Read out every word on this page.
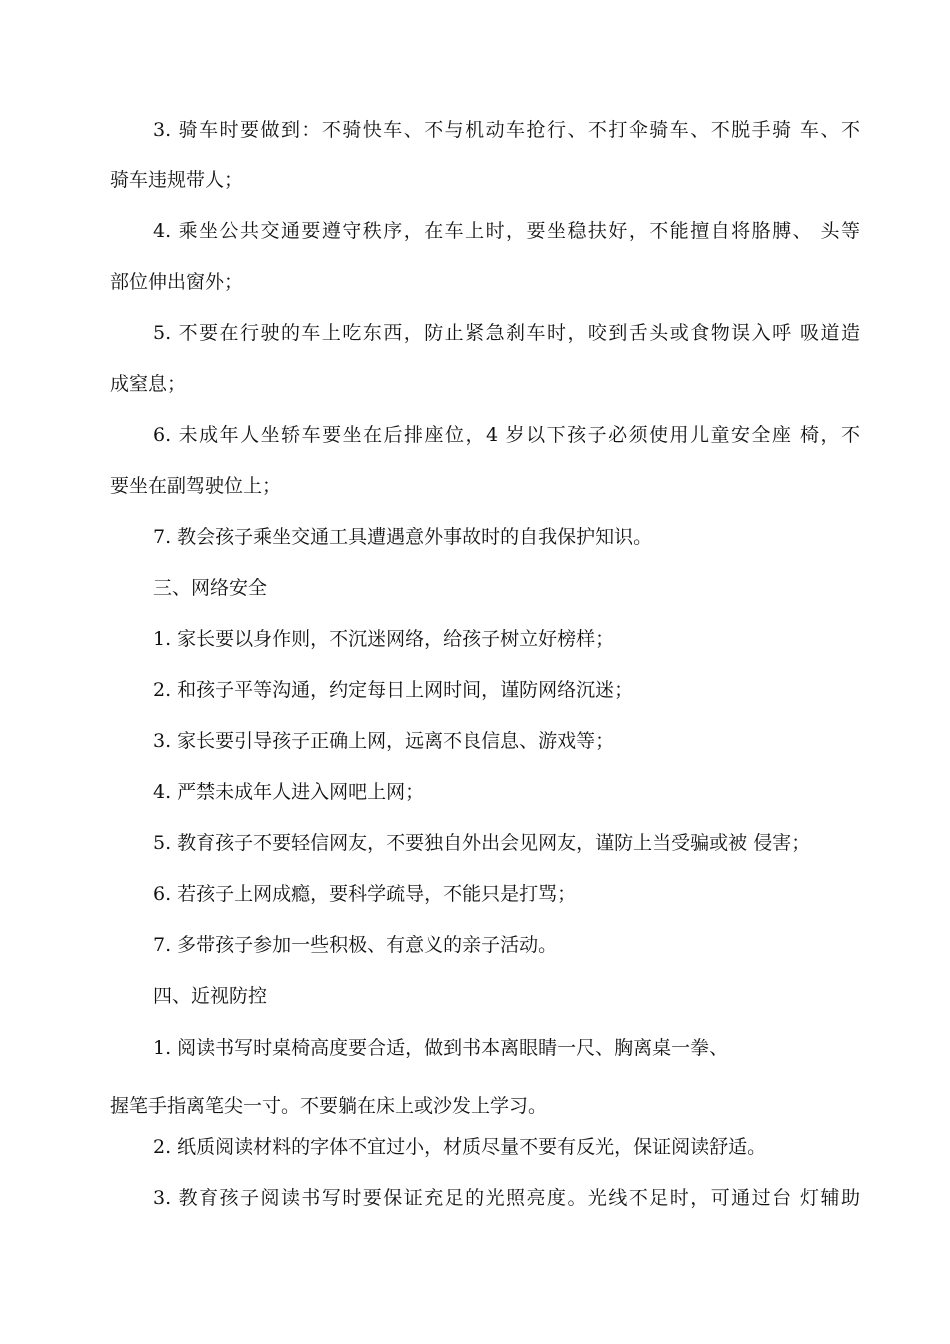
3. 骑车时要做到：不骑快车、不与机动车抢行、不打伞骑车、不脱手骑 车、不
骑车违规带人；
4. 乘坐公共交通要遵守秩序，在车上时，要坐稳扶好，不能擅自将胳膊、 头等
部位伸出窗外；
5. 不要在行驶的车上吃东西，防止紧急刹车时，咬到舌头或食物误入呼 吸道造
成窒息；
6. 未成年人坐轿车要坐在后排座位，4 岁以下孩子必须使用儿童安全座 椅，不
要坐在副驾驶位上；
7. 教会孩子乘坐交通工具遭遇意外事故时的自我保护知识。
三、网络安全
1. 家长要以身作则，不沉迷网络，给孩子树立好榜样；
2. 和孩子平等沟通，约定每日上网时间，谨防网络沉迷；
3. 家长要引导孩子正确上网，远离不良信息、游戏等；
4. 严禁未成年人进入网吧上网；
5. 教育孩子不要轻信网友，不要独自外出会见网友，谨防上当受骗或被 侵害；
6. 若孩子上网成瘾，要科学疏导，不能只是打骂；
7. 多带孩子参加一些积极、有意义的亲子活动。
四、近视防控
1. 阅读书写时桌椅高度要合适，做到书本离眼睛一尺、胸离桌一拳、
握笔手指离笔尖一寸。不要躺在床上或沙发上学习。
2. 纸质阅读材料的字体不宜过小，材质尽量不要有反光，保证阅读舒适。
3. 教育孩子阅读书写时要保证充足的光照亮度。光线不足时，可通过台 灯辅助
